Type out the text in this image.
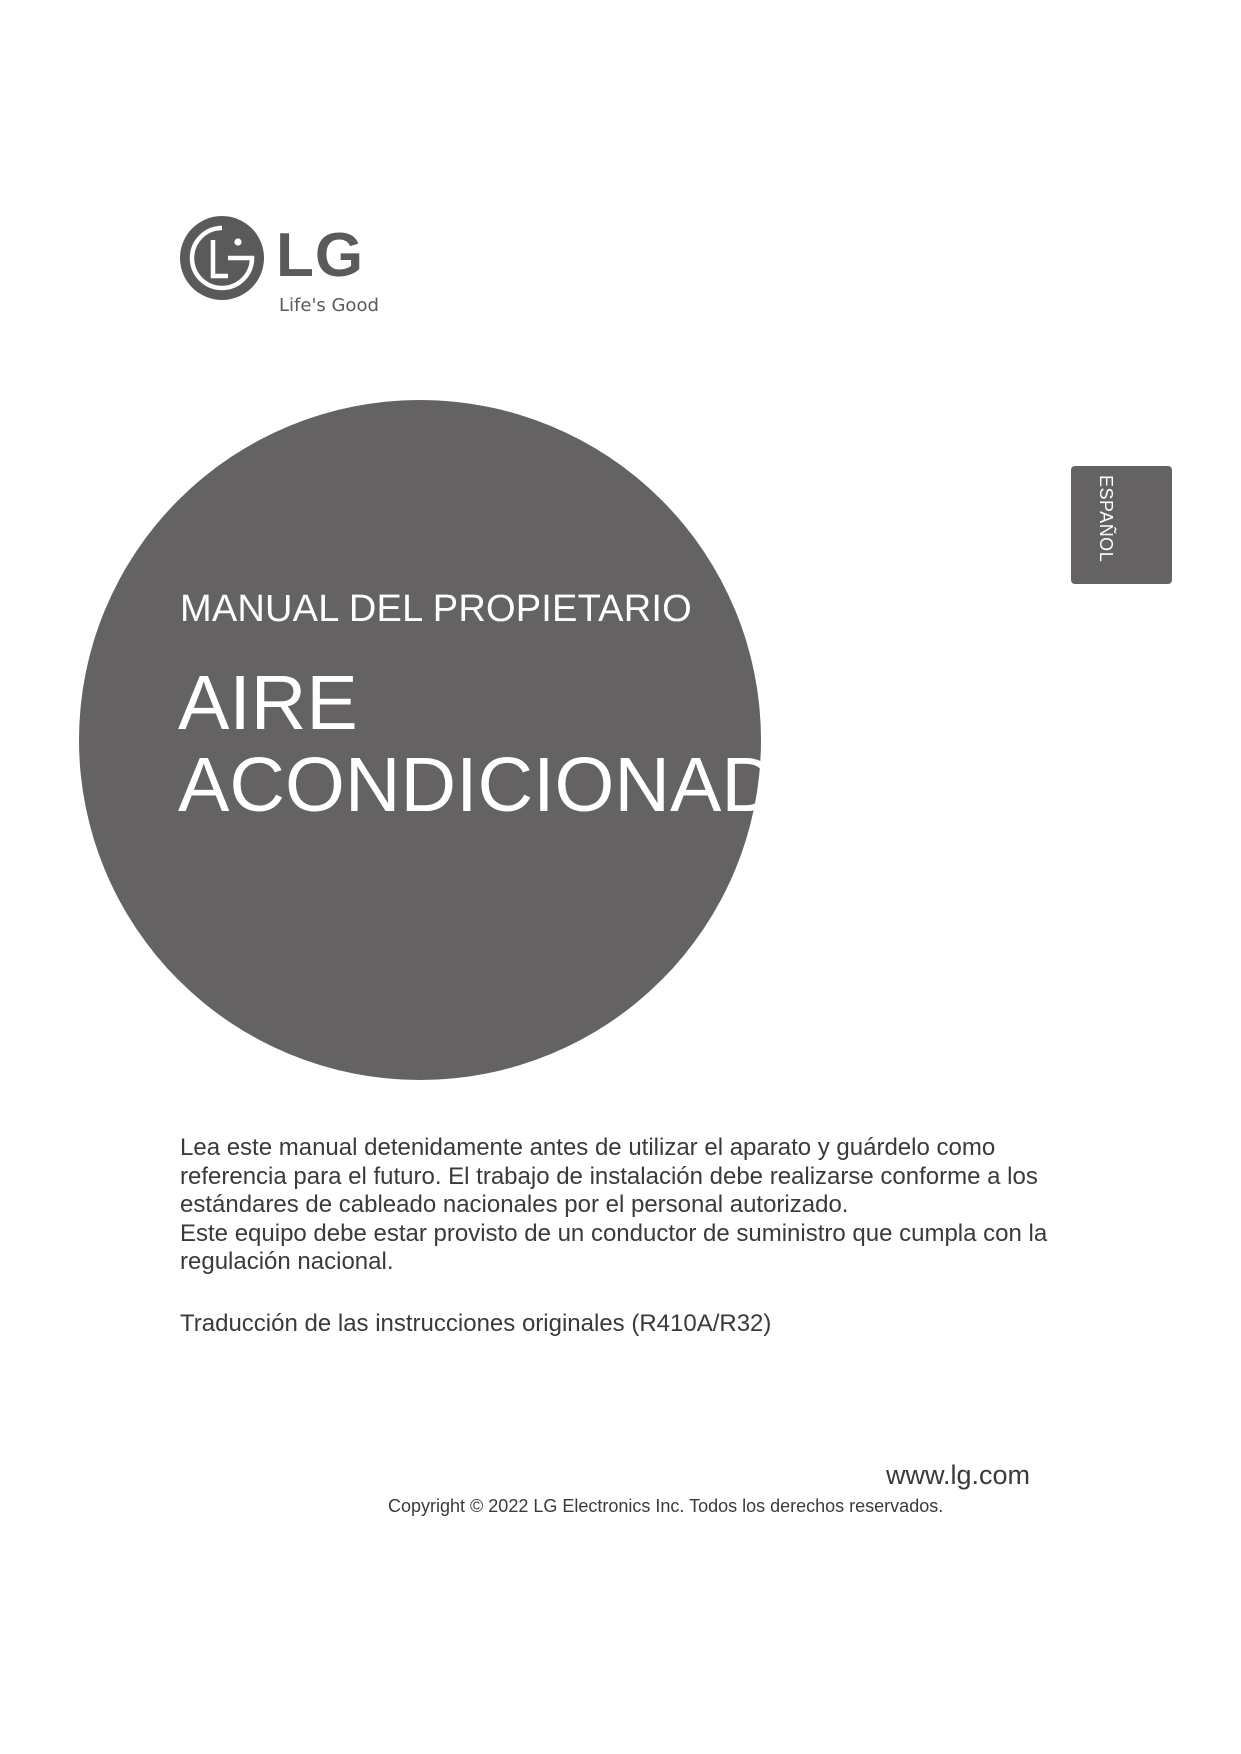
LG
Life's Good
MANUAL DEL PROPIETARIO
AIRE
ACONDICIONADO
ESPAÑOL

Lea este manual detenidamente antes de utilizar el aparato y guárdelo como referencia para el futuro. El trabajo de instalación debe realizarse conforme a los estándares de cableado nacionales por el personal autorizado.

Este equipo debe estar provisto de un conductor de suministro que cumpla con la regulación nacional.

Traducción de las instrucciones originales (R410A/R32)
www.lg.com
Copyright © 2022 LG Electronics Inc. Todos los derechos reservados.
